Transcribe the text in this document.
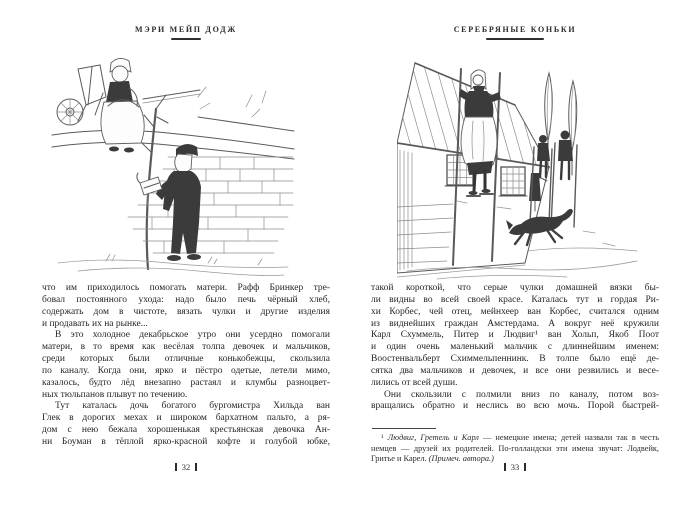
МЭРИ МЕЙП ДОДЖ
что им приходилось помогать матери. Рафф Бринкер тре-
бовал постоянного ухода: надо было печь чёрный хлеб,
содержать дом в чистоте, вязать чулки и другие изделия
и продавать их на рынке...
В это холодное декабрьское утро они усердно помогали
матери, в то время как весёлая толпа девочек и мальчиков,
среди которых были отличные конькобежцы, скользила
по каналу. Когда они, ярко и пёстро одетые, летели мимо,
казалось, будто лёд внезапно растаял и клумбы разноцвет-
ных тюльпанов плывут по течению.
Тут каталась дочь богатого бургомистра Хильда ван
Глек в дорогих мехах и широком бархатном пальто, а ря-
дом с нею бежала хорошенькая крестьянская девочка Ан-
ни Боуман в тёплой ярко-красной кофте и голубой юбке,
32
СЕРЕБРЯНЫЕ КОНЬКИ
такой короткой, что серые чулки домашней вязки бы-
ли видны во всей своей красе. Каталась тут и гордая Ри-
хи Корбес, чей отец, мейнхеер ван Корбес, считался одним
из виднейших граждан Амстердама. А вокруг неё кружили
Карл Схуммель, Питер и Людвиг¹ ван Хольп, Якоб Поот
и один очень маленький мальчик с длиннейшим именем:
Воостенвальберт Схиммельпеннинк. В толпе было ещё де-
сятка два мальчиков и девочек, и все они резвились и весе-
лились от всей души.
Они скользили с полмили вниз по каналу, потом воз-
вращались обратно и неслись во всю мочь. Порой быстрей-
¹ Людвиг, Гретель и Карл — немецкие имена; детей назвали так в честь немцев — друзей их родителей. По-голландски эти имена звучат: Лодвейк, Гритье и Карел. (Примеч. автора.)
33
